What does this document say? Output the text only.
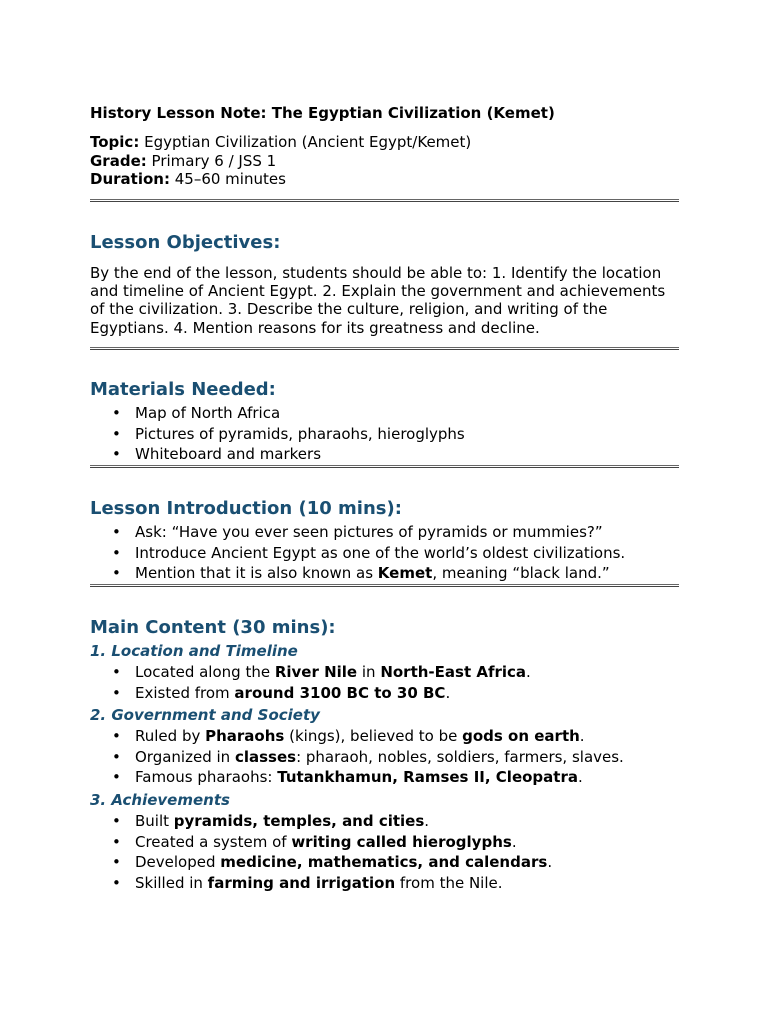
History Lesson Note: The Egyptian Civilization (Kemet)
Topic: Egyptian Civilization (Ancient Egypt/Kemet)
Grade: Primary 6 / JSS 1
Duration: 45–60 minutes
Lesson Objectives:
By the end of the lesson, students should be able to: 1. Identify the location and timeline of Ancient Egypt. 2. Explain the government and achievements of the civilization. 3. Describe the culture, religion, and writing of the Egyptians. 4. Mention reasons for its greatness and decline.
Materials Needed:
• Map of North Africa
• Pictures of pyramids, pharaohs, hieroglyphs
• Whiteboard and markers
Lesson Introduction (10 mins):
• Ask: “Have you ever seen pictures of pyramids or mummies?”
• Introduce Ancient Egypt as one of the world’s oldest civilizations.
• Mention that it is also known as Kemet, meaning “black land.”
Main Content (30 mins):
1. Location and Timeline
• Located along the River Nile in North-East Africa.
• Existed from around 3100 BC to 30 BC.
2. Government and Society
• Ruled by Pharaohs (kings), believed to be gods on earth.
• Organized in classes: pharaoh, nobles, soldiers, farmers, slaves.
• Famous pharaohs: Tutankhamun, Ramses II, Cleopatra.
3. Achievements
• Built pyramids, temples, and cities.
• Created a system of writing called hieroglyphs.
• Developed medicine, mathematics, and calendars.
• Skilled in farming and irrigation from the Nile.
